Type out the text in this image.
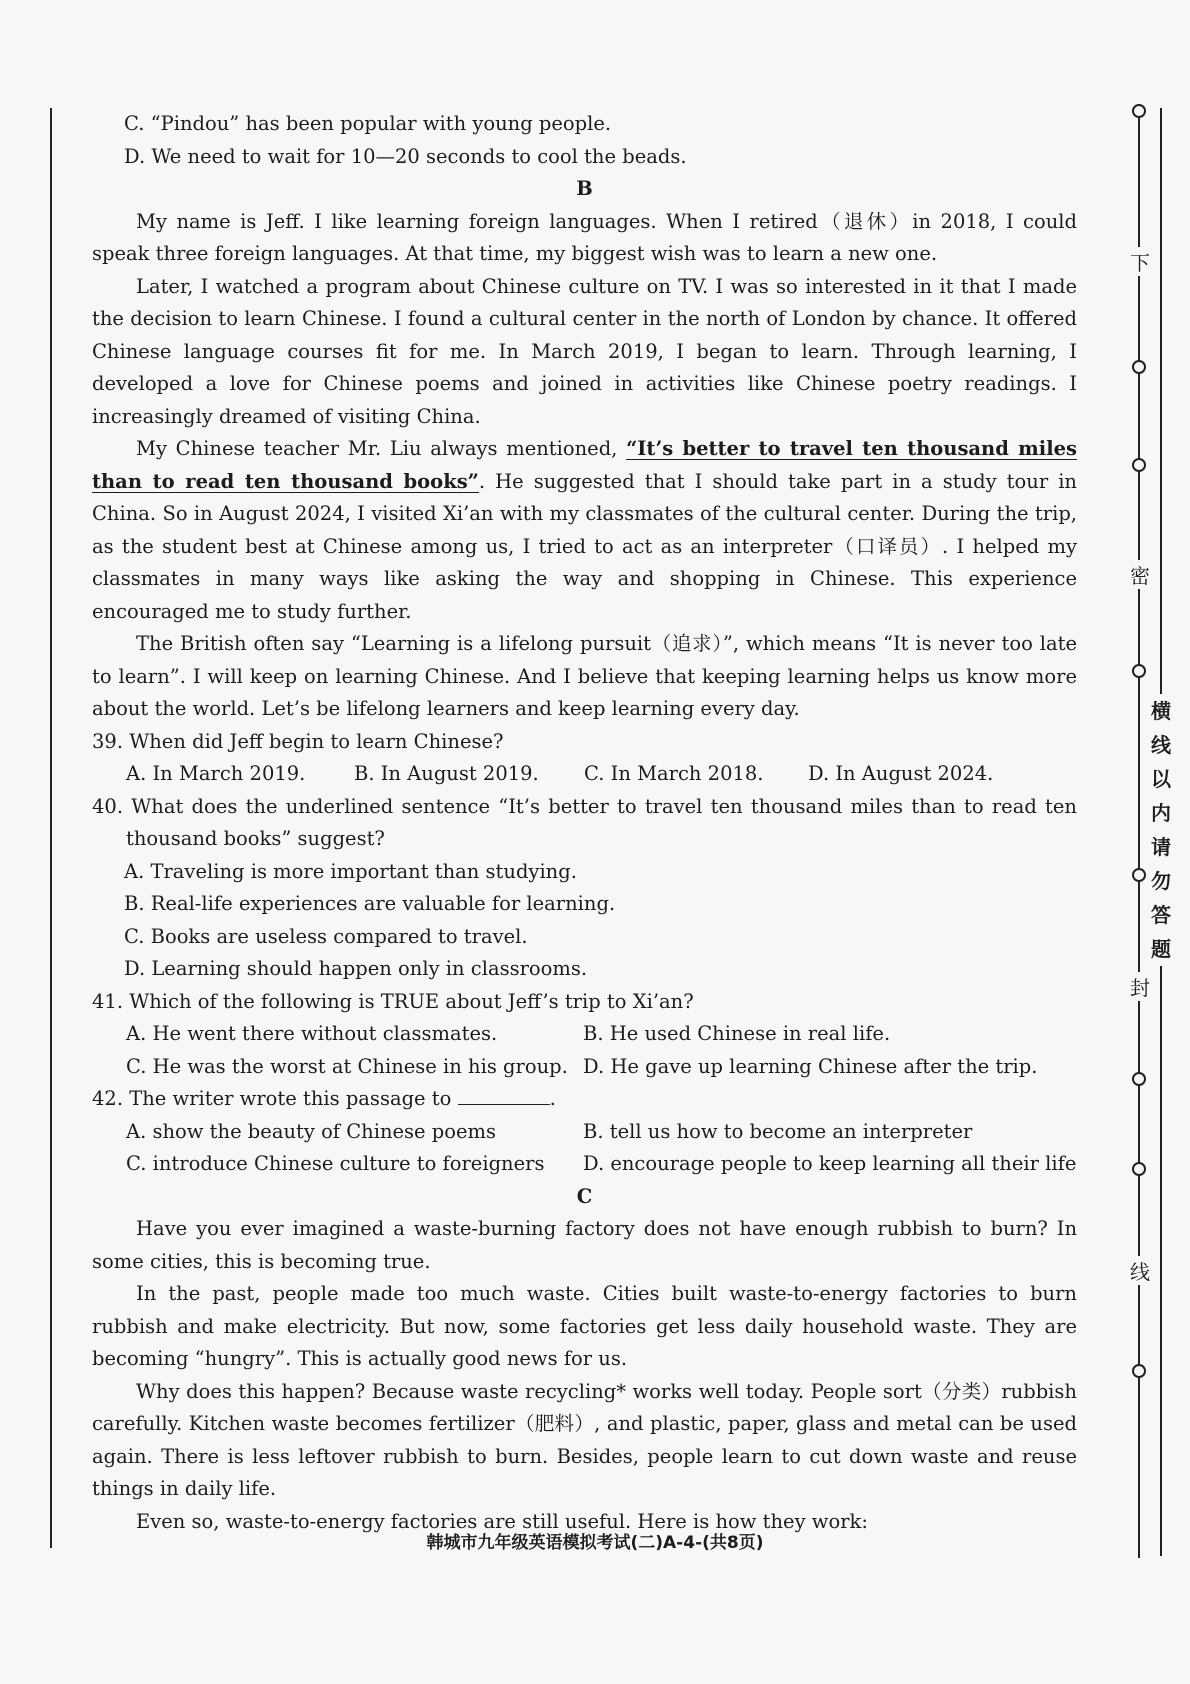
C. “Pindou” has been popular with young people.

D. We need to wait for 10—20 seconds to cool the beads.

B

My name is Jeff. I like learning foreign languages. When I retired（退休）in 2018, I could speak three foreign languages. At that time, my biggest wish was to learn a new one.

Later, I watched a program about Chinese culture on TV. I was so interested in it that I made the decision to learn Chinese. I found a cultural center in the north of London by chance. It offered Chinese language courses fit for me. In March 2019, I began to learn. Through learning, I developed a love for Chinese poems and joined in activities like Chinese poetry readings. I increasingly dreamed of visiting China.

My Chinese teacher Mr. Liu always mentioned, “It’s better to travel ten thousand miles than to read ten thousand books”. He suggested that I should take part in a study tour in China. So in August 2024, I visited Xi’an with my classmates of the cultural center. During the trip, as the student best at Chinese among us, I tried to act as an interpreter（口译员）. I helped my classmates in many ways like asking the way and shopping in Chinese. This experience encouraged me to study further.

The British often say “Learning is a lifelong pursuit（追求）”, which means “It is never too late to learn”. I will keep on learning Chinese. And I believe that keeping learning helps us know more about the world. Let’s be lifelong learners and keep learning every day.

39. When did Jeff begin to learn Chinese?

A. In March 2019.	B. In August 2019.	C. In March 2018.	D. In August 2024.

40. What does the underlined sentence “It’s better to travel ten thousand miles than to read ten thousand books” suggest?

A. Traveling is more important than studying.

B. Real-life experiences are valuable for learning.

C. Books are useless compared to travel.

D. Learning should happen only in classrooms.

41. Which of the following is TRUE about Jeff’s trip to Xi’an?

A. He went there without classmates.	B. He used Chinese in real life.
C. He was the worst at Chinese in his group. D. He gave up learning Chinese after the trip.

42. The writer wrote this passage to	.

A. show the beauty of Chinese poems	B. tell us how to become an interpreter
C. introduce Chinese culture to foreigners	D. encourage people to keep learning all their life

C

Have you ever imagined a waste-burning factory does not have enough rubbish to burn? In some cities, this is becoming true.

In the past, people made too much waste. Cities built waste-to-energy factories to burn rubbish and make electricity. But now, some factories get less daily household waste. They are becoming “hungry”. This is actually good news for us.

Why does this happen? Because waste recycling* works well today. People sort（分类）rubbish carefully. Kitchen waste becomes fertilizer（肥料）, and plastic, paper, glass and metal can be used again. There is less leftover rubbish to burn. Besides, people learn to cut down waste and reuse things in daily life.

Even so, waste-to-energy factories are still useful. Here is how they work:

韩城市九年级英语模拟考试(二)A-4-(共8页)
下
密
封
线
横
线
以
内
请
勿
答
题
